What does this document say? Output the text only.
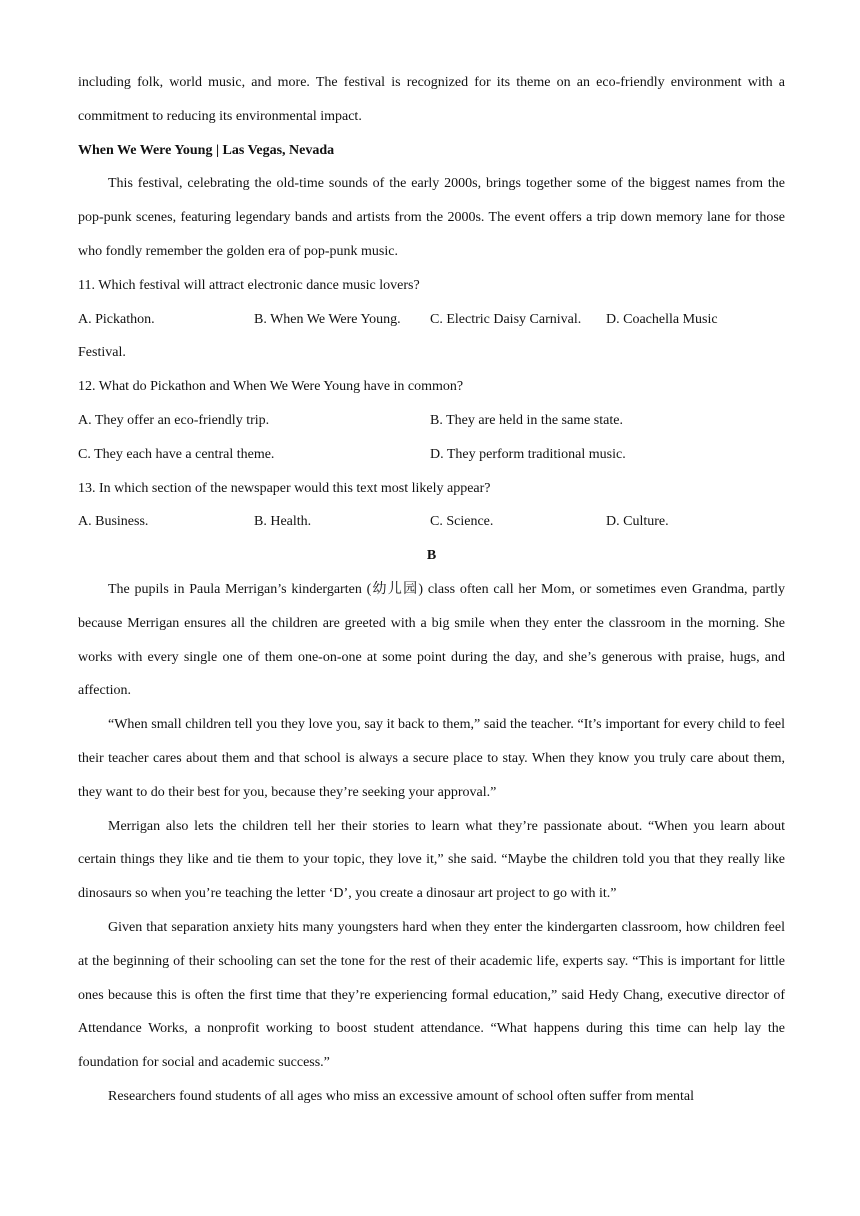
including folk, world music, and more. The festival is recognized for its theme on an eco-friendly environment with a commitment to reducing its environmental impact.

When We Were Young | Las Vegas, Nevada

This festival, celebrating the old-time sounds of the early 2000s, brings together some of the biggest names from the pop-punk scenes, featuring legendary bands and artists from the 2000s. The event offers a trip down memory lane for those who fondly remember the golden era of pop-punk music.

11. Which festival will attract electronic dance music lovers?

A. Pickathon.	B. When We Were Young.	C. Electric Daisy Carnival.	D. Coachella Music

Festival.

12. What do Pickathon and When We Were Young have in common?

A. They offer an eco-friendly trip.	B. They are held in the same state.
C. They each have a central theme.	D. They perform traditional music.

13. In which section of the newspaper would this text most likely appear?

A. Business.	B. Health.	C. Science.	D. Culture.

B

The pupils in Paula Merrigan’s kindergarten (幼儿园) class often call her Mom, or sometimes even Grandma, partly because Merrigan ensures all the children are greeted with a big smile when they enter the classroom in the morning. She works with every single one of them one-on-one at some point during the day, and she’s generous with praise, hugs, and affection.

“When small children tell you they love you, say it back to them,” said the teacher. “It’s important for every child to feel their teacher cares about them and that school is always a secure place to stay. When they know you truly care about them, they want to do their best for you, because they’re seeking your approval.”

Merrigan also lets the children tell her their stories to learn what they’re passionate about. “When you learn about certain things they like and tie them to your topic, they love it,” she said. “Maybe the children told you that they really like dinosaurs so when you’re teaching the letter ‘D’, you create a dinosaur art project to go with it.”

Given that separation anxiety hits many youngsters hard when they enter the kindergarten classroom, how children feel at the beginning of their schooling can set the tone for the rest of their academic life, experts say. “This is important for little ones because this is often the first time that they’re experiencing formal education,” said Hedy Chang, executive director of Attendance Works, a nonprofit working to boost student attendance. “What happens during this time can help lay the foundation for social and academic success.”

Researchers found students of all ages who miss an excessive amount of school often suffer from mental
